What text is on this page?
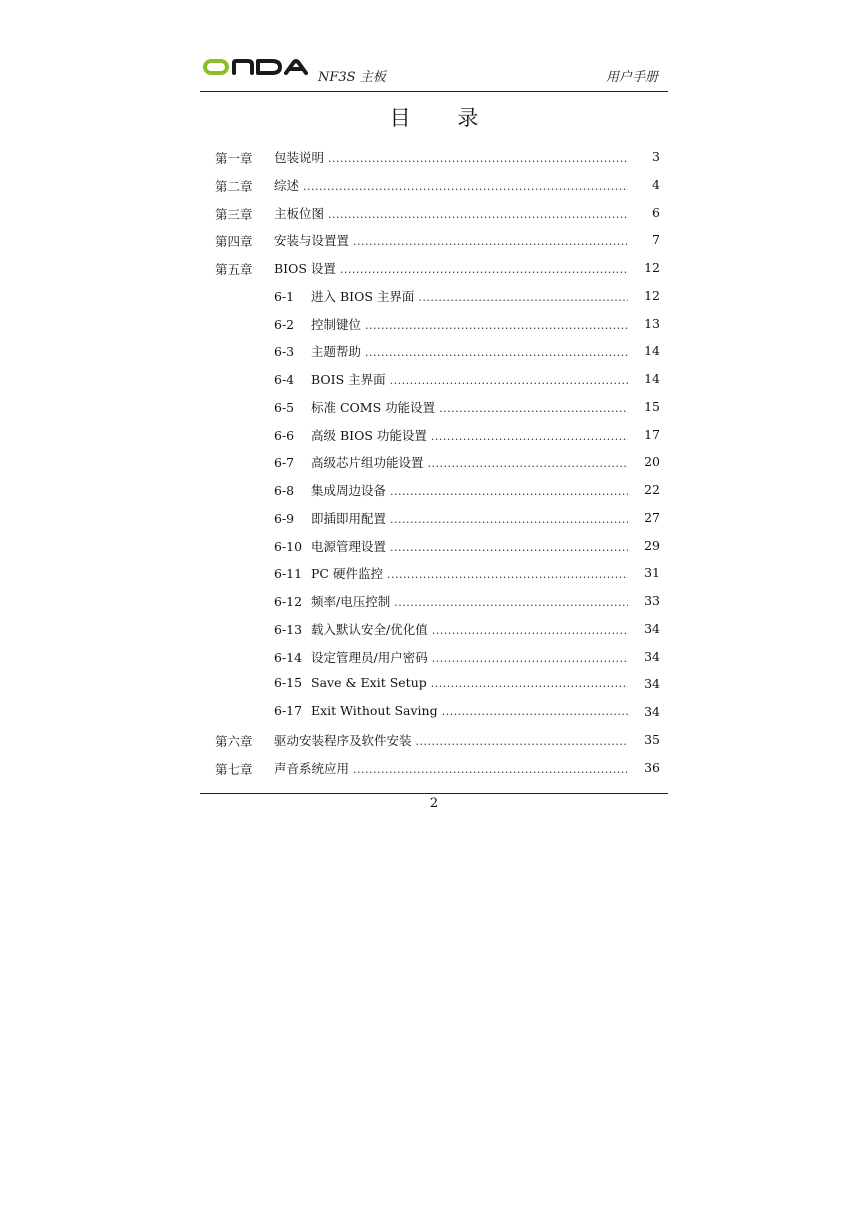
NF3S 主板	用户手册
目 录
第一章 包装说明 .....	3
第二章 综述 .....	4
第三章 主板位图 .....	6
第四章 安装与设置置 .....	7
第五章 BIOS 设置 .....	12
6-1	进入 BIOS 主界面 .....	12
6-2	控制键位 .....	13
6-3	主题帮助 .....	14
6-4	BOIS 主界面 .....	14
6-5	标准 COMS 功能设置 .....	15
6-6	高级 BIOS 功能设置 .....	17
6-7	高级芯片组功能设置 .....	20
6-8	集成周边设备 .....	22
6-9	即插即用配置 .....	27
6-10 电源管理设置 .....	29
6-11 PC 硬件监控 .....	31
6-12 频率/电压控制 .....	33
6-13 载入默认安全/优化值 .....	34
6-14 设定管理员/用户密码 .....	34
6-15 Save & Exit Setup .....	34
6-17 Exit Without Saving .....	34
第六章 驱动安装程序及软件安装 .....	35
第七章 声音系统应用 .....	36
2
